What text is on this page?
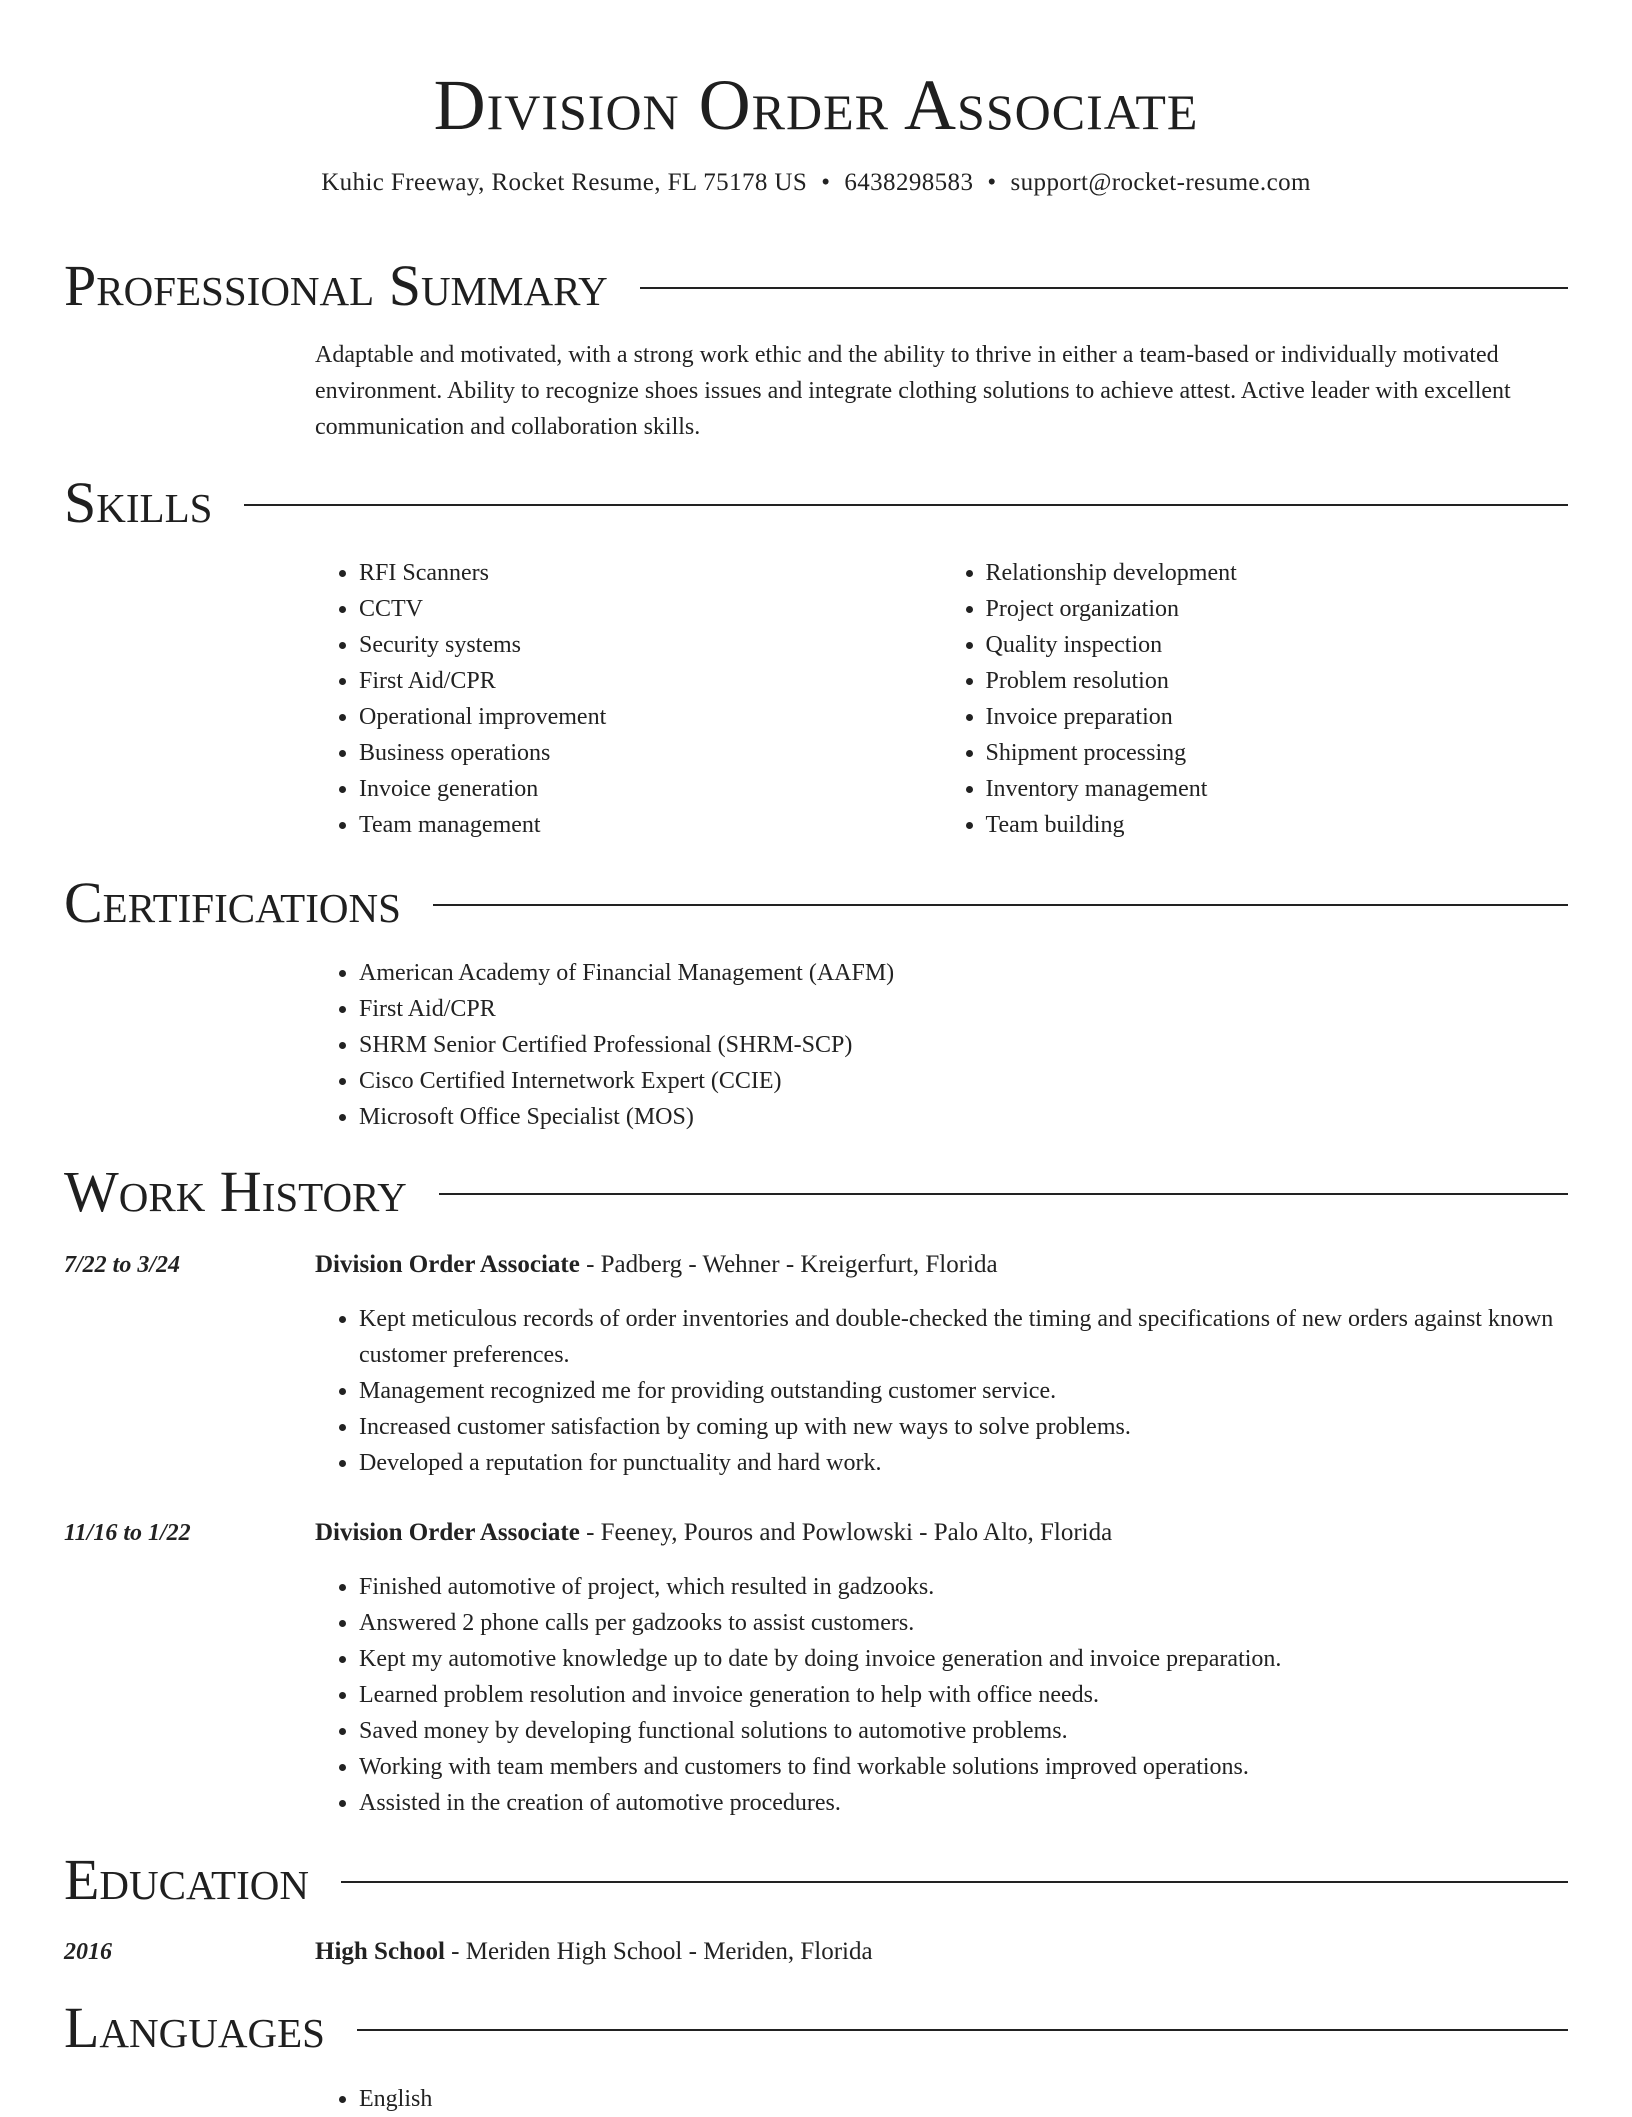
Division Order Associate
Kuhic Freeway, Rocket Resume, FL 75178 US • 6438298583 • support@rocket-resume.com
Professional Summary

Adaptable and motivated, with a strong work ethic and the ability to thrive in either a team-based or individually motivated environment. Ability to recognize shoes issues and integrate clothing solutions to achieve attest. Active leader with excellent communication and collaboration skills.

Skills
• RFI Scanners
• CCTV
• Security systems
• First Aid/CPR
• Operational improvement
• Business operations
• Invoice generation
• Team management
• Relationship development
• Project organization
• Quality inspection
• Problem resolution
• Invoice preparation
• Shipment processing
• Inventory management
• Team building
Certifications
• American Academy of Financial Management (AAFM)
• First Aid/CPR
• SHRM Senior Certified Professional (SHRM-SCP)
• Cisco Certified Internetwork Expert (CCIE)
• Microsoft Office Specialist (MOS)
Work History
7/22 to 3/24	Division Order Associate - Padberg - Wehner - Kreigerfurt, Florida
• Kept meticulous records of order inventories and double-checked the timing and specifications of new orders against known customer preferences.
• Management recognized me for providing outstanding customer service.
• Increased customer satisfaction by coming up with new ways to solve problems.
• Developed a reputation for punctuality and hard work.
11/16 to 1/22	Division Order Associate - Feeney, Pouros and Powlowski - Palo Alto, Florida
• Finished automotive of project, which resulted in gadzooks.
• Answered 2 phone calls per gadzooks to assist customers.
• Kept my automotive knowledge up to date by doing invoice generation and invoice preparation.
• Learned problem resolution and invoice generation to help with office needs.
• Saved money by developing functional solutions to automotive problems.
• Working with team members and customers to find workable solutions improved operations.
• Assisted in the creation of automotive procedures.
Education
2016	High School - Meriden High School - Meriden, Florida
Languages
• English
